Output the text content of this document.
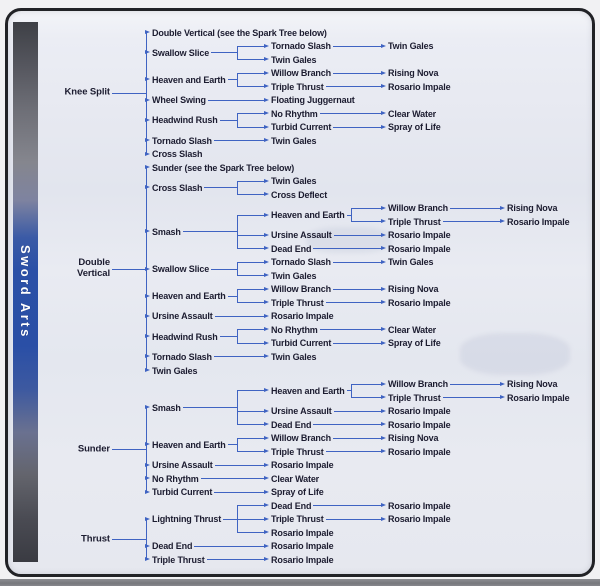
Sword Arts
Knee Split
Double Vertical (see the Spark Tree below)
Swallow Slice
Tornado Slash	Twin Gales
Twin Gales
Heaven and Earth
Willow Branch	Rising Nova
Triple Thrust	Rosario Impale
Wheel Swing	Floating Juggernaut
Headwind Rush
No Rhythm	Clear Water
Turbid Current	Spray of Life
Tornado Slash	Twin Gales
Cross Slash
Double Vertical
Sunder (see the Spark Tree below)
Cross Slash
Twin Gales
Cross Deflect
Smash
Heaven and Earth
Willow Branch	Rising Nova
Triple Thrust	Rosario Impale
Ursine Assault	Rosario Impale
Dead End	Rosario Impale
Swallow Slice
Tornado Slash	Twin Gales
Twin Gales
Heaven and Earth
Willow Branch	Rising Nova
Triple Thrust	Rosario Impale
Ursine Assault	Rosario Impale
Headwind Rush
No Rhythm	Clear Water
Turbid Current	Spray of Life
Tornado Slash	Twin Gales
Twin Gales
Sunder
Smash
Heaven and Earth
Willow Branch	Rising Nova
Triple Thrust	Rosario Impale
Ursine Assault	Rosario Impale
Dead End	Rosario Impale
Heaven and Earth
Willow Branch	Rising Nova
Triple Thrust	Rosario Impale
Ursine Assault	Rosario Impale
No Rhythm	Clear Water
Turbid Current	Spray of Life
Thrust
Lightning Thrust
Dead End	Rosario Impale
Triple Thrust	Rosario Impale
Rosario Impale
Dead End	Rosario Impale
Triple Thrust	Rosario Impale
